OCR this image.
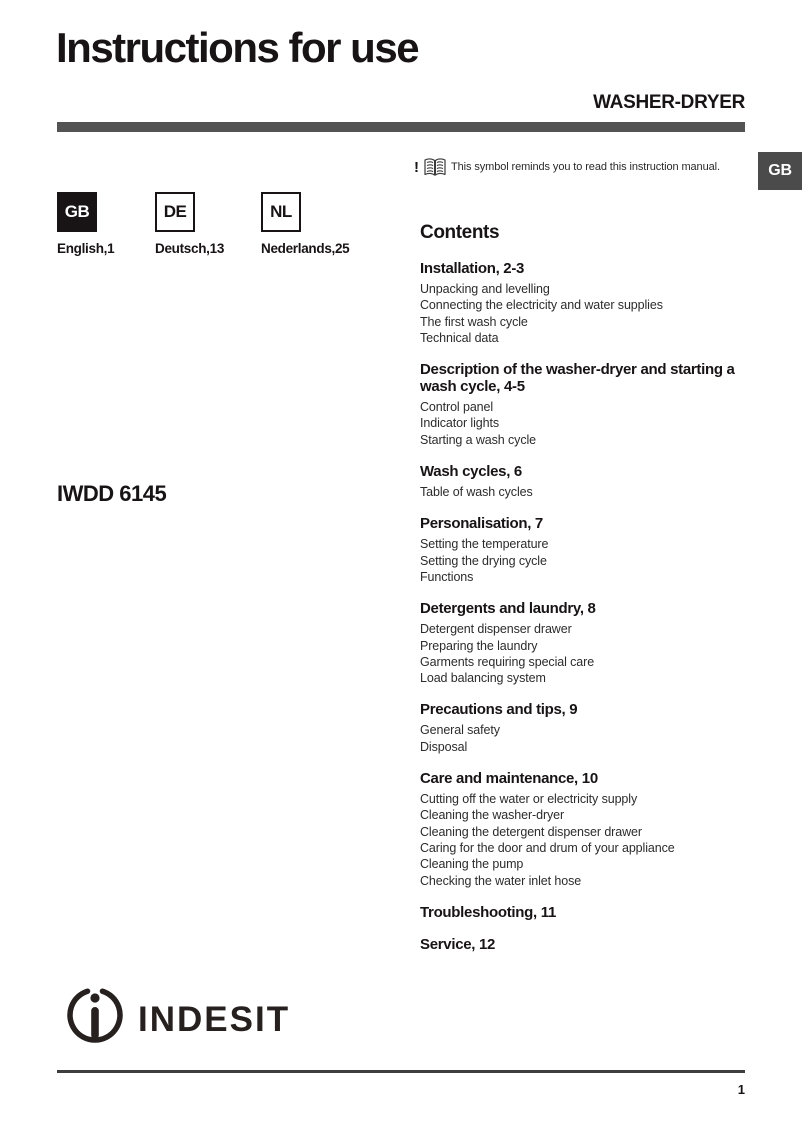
Instructions for use
WASHER-DRYER
!	This symbol reminds you to read this instruction manual.	GB
GB
English,1
DE
Deutsch,13
NL
Nederlands,25
IWDD 6145
Contents
Installation, 2-3
Unpacking and levelling
Connecting the electricity and water supplies
The first wash cycle
Technical data
Description of the washer-dryer and starting a wash cycle, 4-5
Control panel
Indicator lights
Starting a wash cycle
Wash cycles, 6
Table of wash cycles
Personalisation, 7
Setting the temperature
Setting the drying cycle
Functions
Detergents and laundry, 8
Detergent dispenser drawer
Preparing the laundry
Garments requiring special care
Load balancing system
Precautions and tips, 9
General safety
Disposal
Care and maintenance, 10
Cutting off the water or electricity supply
Cleaning the washer-dryer
Cleaning the detergent dispenser drawer
Caring for the door and drum of your appliance
Cleaning the pump
Checking the water inlet hose
Troubleshooting, 11
Service, 12
INDESIT
1
